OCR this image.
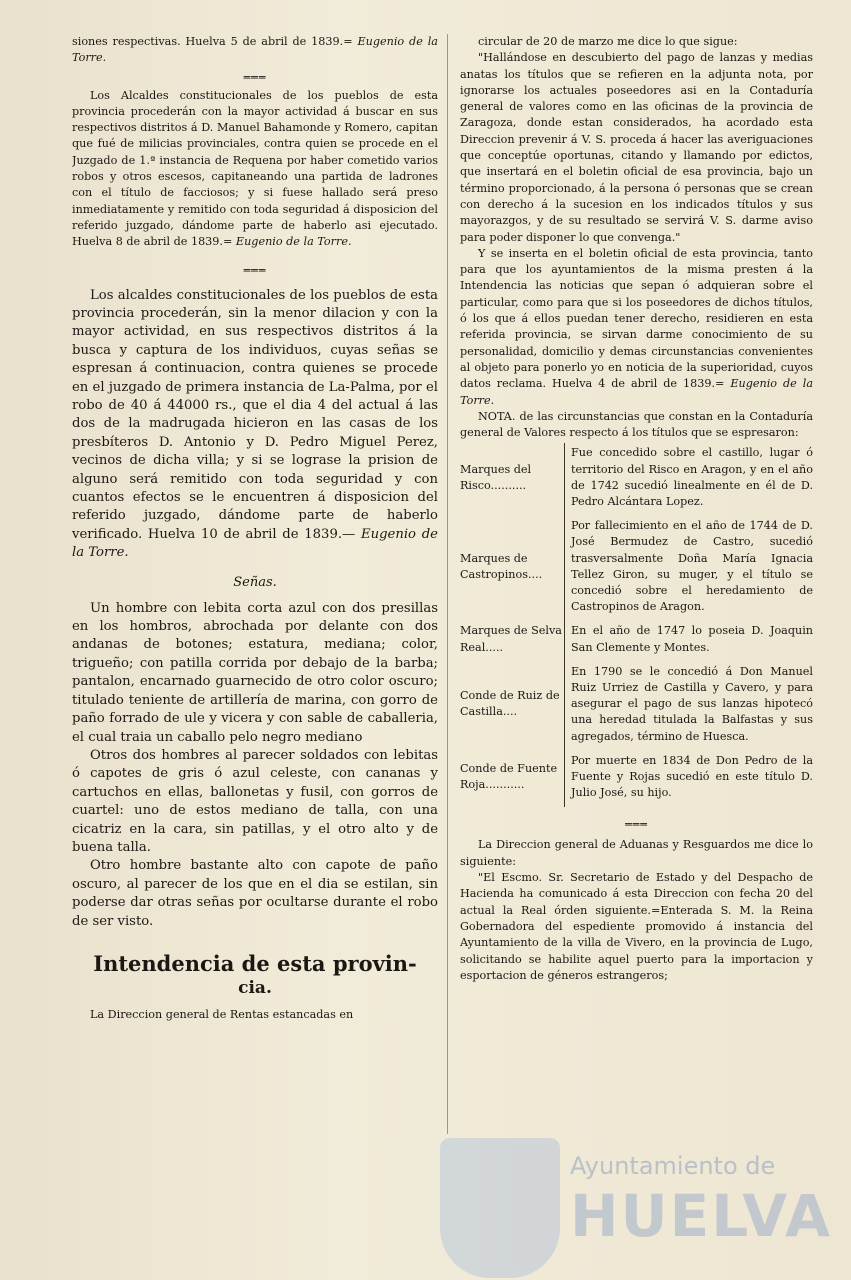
siones respectivas. Huelva 5 de abril de 1839.= Eugenio de la Torre.

═══

Los Alcaldes constitucionales de los pueblos de esta provincia procederán con la mayor actividad á buscar en sus respectivos distritos á D. Manuel Bahamonde y Romero, capitan que fué de milicias provinciales, contra quien se procede en el Juzgado de 1.ª instancia de Requena por haber cometido varios robos y otros escesos, capitaneando una partida de ladrones con el título de facciosos; y si fuese hallado será preso inmediatamente y remitido con toda seguridad á disposicion del referido juzgado, dándome parte de haberlo asi ejecutado. Huelva 8 de abril de 1839.= Eugenio de la Torre.

═══

Los alcaldes constitucionales de los pueblos de esta provincia procederán, sin la menor dilacion y con la mayor actividad, en sus respectivos distritos á la busca y captura de los individuos, cuyas señas se espresan á continuacion, contra quienes se procede en el juzgado de primera instancia de La-Palma, por el robo de 40 á 44000 rs., que el dia 4 del actual á las dos de la madrugada hicieron en las casas de los presbíteros D. Antonio y D. Pedro Miguel Perez, vecinos de dicha villa; y si se lograse la prision de alguno será remitido con toda seguridad y con cuantos efectos se le encuentren á disposicion del referido juzgado, dándome parte de haberlo verificado. Huelva 10 de abril de 1839.— Eugenio de la Torre.

Señas.

Un hombre con lebita corta azul con dos presillas en los hombros, abrochada por delante con dos andanas de botones; estatura, mediana; color, trigueño; con patilla corrida por debajo de la barba; pantalon, encarnado guarnecido de otro color oscuro; titulado teniente de artillería de marina, con gorro de paño forrado de ule y vicera y con sable de caballeria, el cual traia un caballo pelo negro mediano

Otros dos hombres al parecer soldados con lebitas ó capotes de gris ó azul celeste, con cananas y cartuchos en ellas, ballonetas y fusil, con gorros de cuartel: uno de estos mediano de talla, con una cicatriz en la cara, sin patillas, y el otro alto y de buena talla.

Otro hombre bastante alto con capote de paño oscuro, al parecer de los que en el dia se estilan, sin poderse dar otras señas por ocultarse durante el robo de ser visto.

Intendencia de esta provin-
cia.

La Direccion general de Rentas estancadas en

circular de 20 de marzo me dice lo que sigue:

"Hallándose en descubierto del pago de lanzas y medias anatas los títulos que se refieren en la adjunta nota, por ignorarse los actuales poseedores asi en la Contaduría general de valores como en las oficinas de la provincia de Zaragoza, donde estan considerados, ha acordado esta Direccion prevenir á V. S. proceda á hacer las averiguaciones que conceptúe oportunas, citando y llamando por edictos, que insertará en el boletin oficial de esa provincia, bajo un término proporcionado, á la persona ó personas que se crean con derecho á la sucesion en los indicados títulos y sus mayorazgos, y de su resultado se servirá V. S. darme aviso para poder disponer lo que convenga."

Y se inserta en el boletin oficial de esta provincia, tanto para que los ayuntamientos de la misma presten á la Intendencia las noticias que sepan ó adquieran sobre el particular, como para que si los poseedores de dichos títulos, ó los que á ellos puedan tener derecho, residieren en esta referida provincia, se sirvan darme conocimiento de su personalidad, domicilio y demas circunstancias convenientes al objeto para ponerlo yo en noticia de la superioridad, cuyos datos reclama. Huelva 4 de abril de 1839.= Eugenio de la Torre.

NOTA. de las circunstancias que constan en la Contaduría general de Valores respecto á los títulos que se espresaron:

Marques del Risco..........	Fue concedido sobre el castillo, lugar ó territorio del Risco en Aragon, y en el año de 1742 sucedió linealmente en él de D. Pedro Alcántara Lopez.
Marques de Castropinos....	Por fallecimiento en el año de 1744 de D. José Bermudez de Castro, sucedió trasversalmente Doña María Ignacia Tellez Giron, su muger, y el título se concedió sobre el heredamiento de Castropinos de Aragon.
Marques de Selva Real.....	En el año de 1747 lo poseia D. Joaquin San Clemente y Montes.
Conde de Ruiz de Castilla....	En 1790 se le concedió á Don Manuel Ruiz Urriez de Castilla y Cavero, y para asegurar el pago de sus lanzas hipotecó una heredad titulada la Balfastas y sus agregados, término de Huesca.
Conde de Fuente Roja...........	Por muerte en 1834 de Don Pedro de la Fuente y Rojas sucedió en este título D. Julio José, su hijo.
═══

La Direccion general de Aduanas y Resguardos me dice lo siguiente:

"El Escmo. Sr. Secretario de Estado y del Despacho de Hacienda ha comunicado á esta Direccion con fecha 20 del actual la Real órden siguiente.=Enterada S. M. la Reina Gobernadora del espediente promovido á instancia del Ayuntamiento de la villa de Vivero, en la provincia de Lugo, solicitando se habilite aquel puerto para la importacion y esportacion de géneros estrangeros;

Ayuntamiento de
HUELVA
